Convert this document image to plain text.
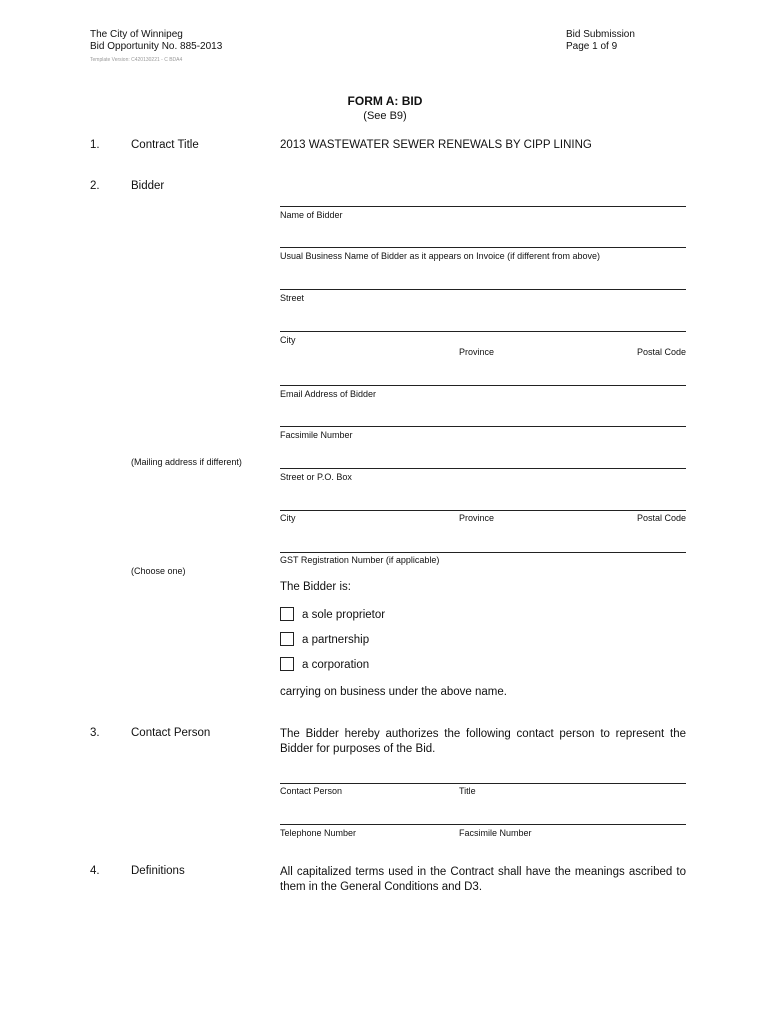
The City of Winnipeg
Bid Opportunity No. 885-2013
Template Version: C420130221 - C BDA4
Bid Submission
Page 1 of 9
FORM A: BID
(See B9)
1.	Contract Title	2013 WASTEWATER SEWER RENEWALS BY CIPP LINING
2.	Bidder
Name of Bidder
Usual Business Name of Bidder as it appears on Invoice (if different from above)
Street
City
Province	Postal Code
Email Address of Bidder
Facsimile Number
(Mailing address if different)
Street or P.O. Box
City	Province	Postal Code
GST Registration Number (if applicable)
(Choose one)
The Bidder is:
a sole proprietor
a partnership
a corporation
carrying on business under the above name.
3.	Contact Person	The Bidder hereby authorizes the following contact person to represent the Bidder for purposes of the Bid.
Contact Person	Title
Telephone Number	Facsimile Number
4.	Definitions	All capitalized terms used in the Contract shall have the meanings ascribed to them in the General Conditions and D3.
